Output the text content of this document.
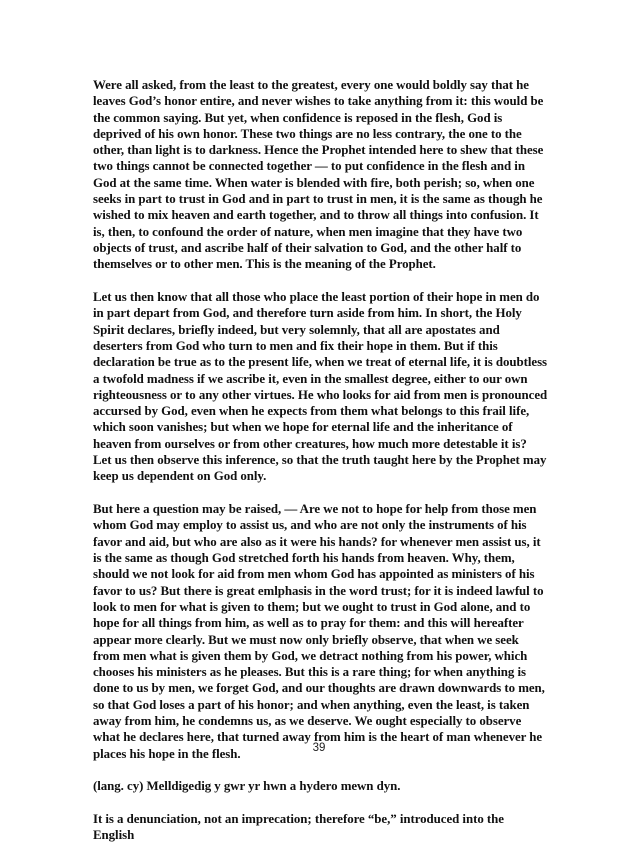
Were all asked, from the least to the greatest, every one would boldly say that he leaves God’s honor entire, and never wishes to take anything from it: this would be the common saying. But yet, when confidence is reposed in the flesh, God is deprived of his own honor. These two things are no less contrary, the one to the other, than light is to darkness. Hence the Prophet intended here to shew that these two things cannot be connected together — to put confidence in the flesh and in God at the same time. When water is blended with fire, both perish; so, when one seeks in part to trust in God and in part to trust in men, it is the same as though he wished to mix heaven and earth together, and to throw all things into confusion. It is, then, to confound the order of nature, when men imagine that they have two objects of trust, and ascribe half of their salvation to God, and the other half to themselves or to other men. This is the meaning of the Prophet.

Let us then know that all those who place the least portion of their hope in men do in part depart from God, and therefore turn aside from him. In short, the Holy Spirit declares, briefly indeed, but very solemnly, that all are apostates and deserters from God who turn to men and fix their hope in them. But if this declaration be true as to the present life, when we treat of eternal life, it is doubtless a twofold madness if we ascribe it, even in the smallest degree, either to our own righteousness or to any other virtues. He who looks for aid from men is pronounced accursed by God, even when he expects from them what belongs to this frail life, which soon vanishes; but when we hope for eternal life and the inheritance of heaven from ourselves or from other creatures, how much more detestable it is? Let us then observe this inference, so that the truth taught here by the Prophet may keep us dependent on God only.

But here a question may be raised, — Are we not to hope for help from those men whom God may employ to assist us, and who are not only the instruments of his favor and aid, but who are also as it were his hands? for whenever men assist us, it is the same as though God stretched forth his hands from heaven. Why, them, should we not look for aid from men whom God has appointed as ministers of his favor to us? But there is great emlphasis in the word trust; for it is indeed lawful to look to men for what is given to them; but we ought to trust in God alone, and to hope for all things from him, as well as to pray for them: and this will hereafter appear more clearly. But we must now only briefly observe, that when we seek from men what is given them by God, we detract nothing from his power, which chooses his ministers as he pleases. But this is a rare thing; for when anything is done to us by men, we forget God, and our thoughts are drawn downwards to men, so that God loses a part of his honor; and when anything, even the least, is taken away from him, he condemns us, as we deserve. We ought especially to observe what he declares here, that turned away from him is the heart of man whenever he places his hope in the flesh.

(lang. cy) Melldigedig y gwr yr hwn a hydero mewn dyn.

It is a denunciation, not an imprecation; therefore “be,” introduced into the English

39
